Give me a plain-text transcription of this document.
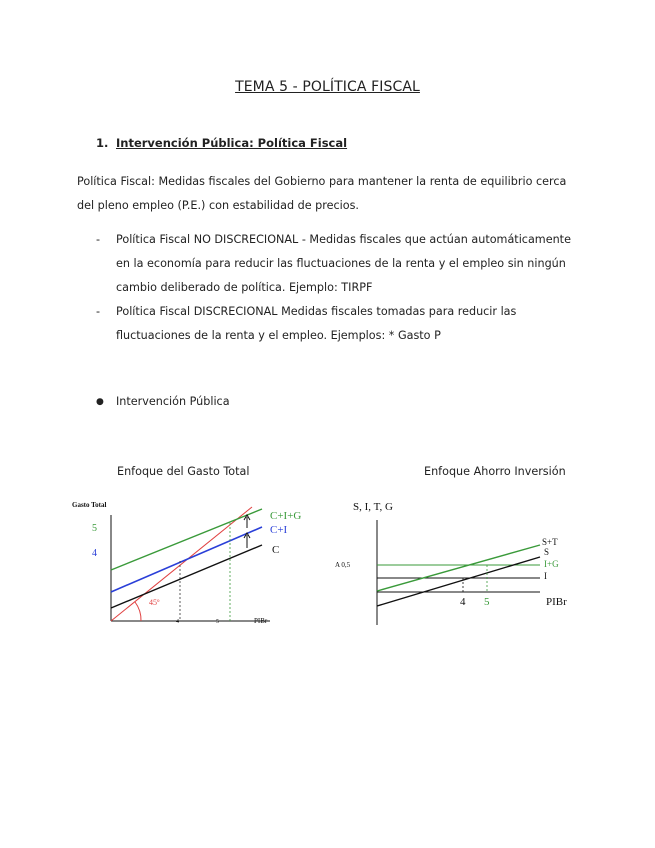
TEMA 5 - POLÍTICA FISCAL
1. Intervención Pública: Política Fiscal
Política Fiscal: Medidas fiscales del Gobierno para mantener la renta de equilibrio cerca del pleno empleo (P.E.) con estabilidad de precios.
- Política Fiscal NO DISCRECIONAL - Medidas fiscales que actúan automáticamente en la economía para reducir las fluctuaciones de la renta y el empleo sin ningún cambio deliberado de política. Ejemplo: TIRPF
- Política Fiscal DISCRECIONAL Medidas fiscales tomadas para reducir las fluctuaciones de la renta y el empleo. Ejemplos: * Gasto P
● Intervención Pública
Enfoque del Gasto Total	Enfoque Ahorro Inversión
Gasto Total
PIBr
5
4
4	5
45º
C+I+G
C+I
C
S, I, T, G
PIBr
A 0,5
4 5
S+T
S
I+G
I
